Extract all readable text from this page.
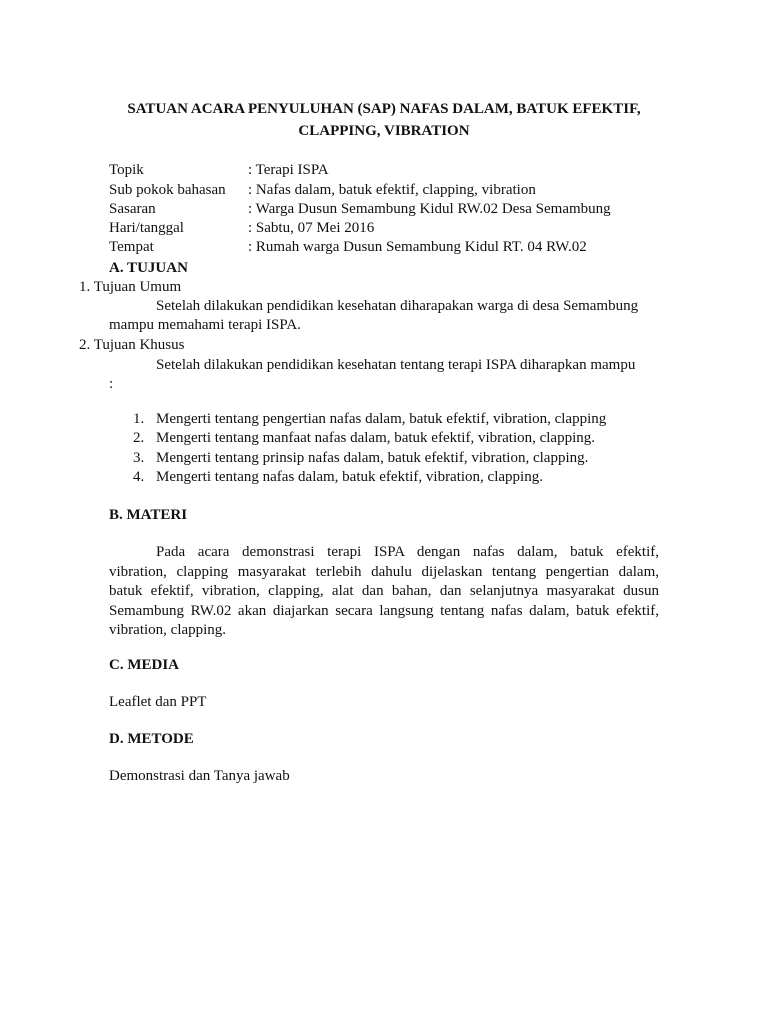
SATUAN ACARA PENYULUHAN (SAP) NAFAS DALAM, BATUK EFEKTIF,
CLAPPING, VIBRATION
Topik	: Terapi ISPA
Sub pokok bahasan : Nafas dalam, batuk efektif, clapping, vibration
Sasaran	: Warga Dusun Semambung Kidul RW.02 Desa Semambung
Hari/tanggal	: Sabtu, 07 Mei 2016
Tempat	: Rumah warga Dusun Semambung Kidul RT. 04 RW.02
A. TUJUAN
1. Tujuan Umum
Setelah dilakukan pendidikan kesehatan diharapakan warga di desa Semambung
mampu memahami terapi ISPA.
2. Tujuan Khusus
Setelah dilakukan pendidikan kesehatan tentang terapi ISPA diharapkan mampu
:
1. Mengerti tentang pengertian nafas dalam, batuk efektif, vibration, clapping
2. Mengerti tentang manfaat nafas dalam, batuk efektif, vibration, clapping.
3. Mengerti tentang prinsip nafas dalam, batuk efektif, vibration, clapping.
4. Mengerti tentang nafas dalam, batuk efektif, vibration, clapping.
B. MATERI
Pada acara demonstrasi terapi ISPA dengan nafas dalam, batuk efektif,
vibration, clapping masyarakat terlebih dahulu dijelaskan tentang pengertian dalam,
batuk efektif, vibration, clapping, alat dan bahan, dan selanjutnya masyarakat dusun
Semambung RW.02 akan diajarkan secara langsung tentang nafas dalam, batuk efektif,
vibration, clapping.
C. MEDIA
Leaflet dan PPT
D. METODE
Demonstrasi dan Tanya jawab
